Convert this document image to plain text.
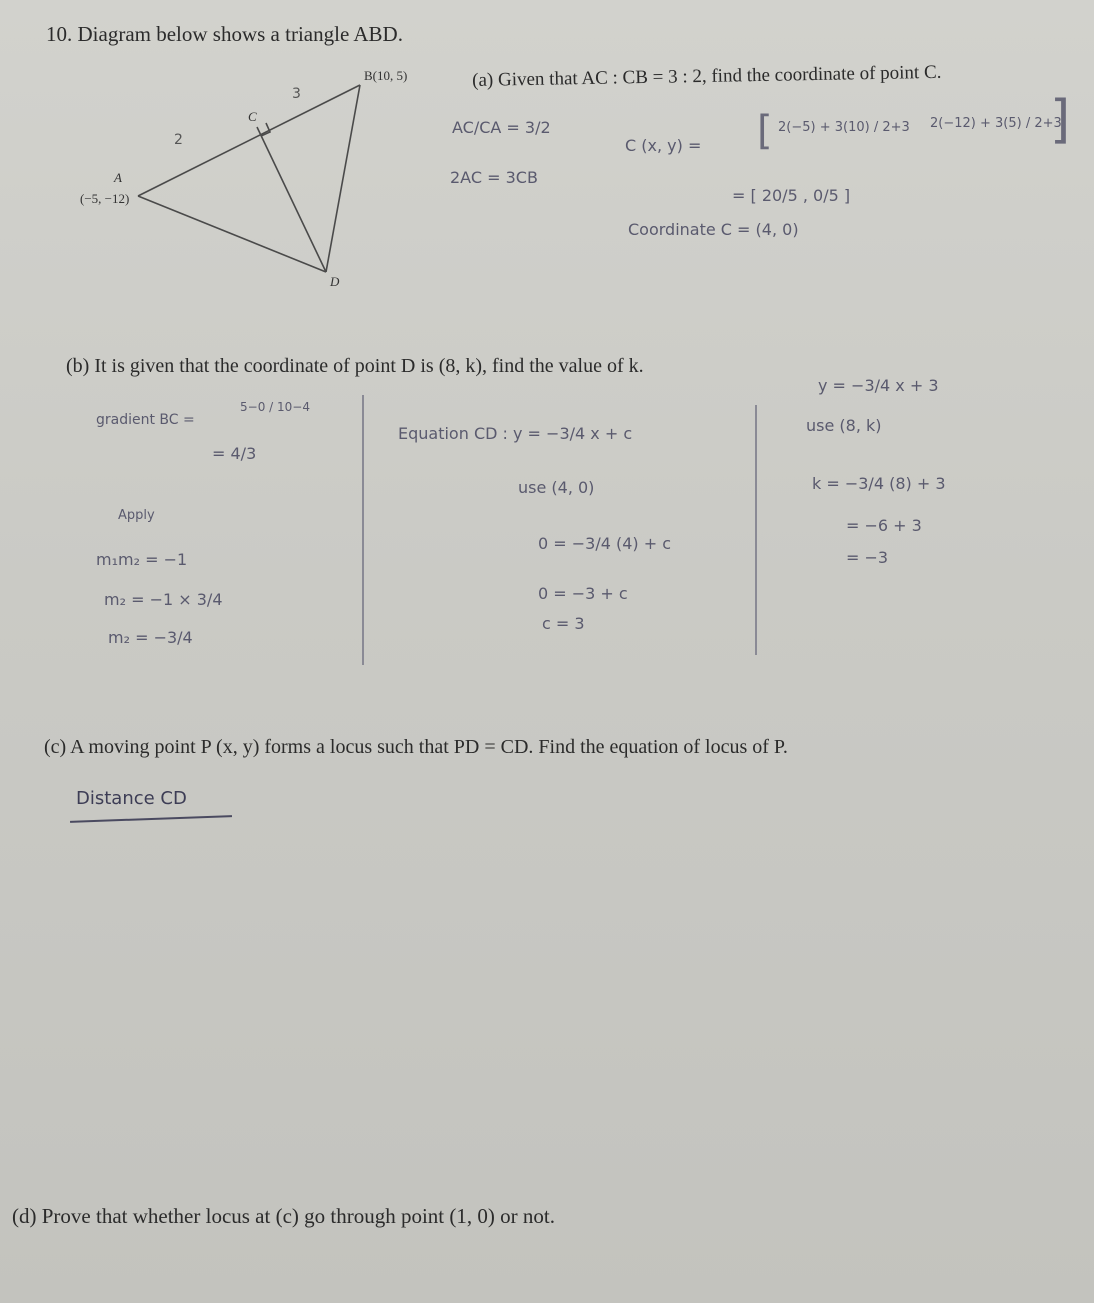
10. Diagram below shows a triangle ABD.
B(10, 5)
A
(−5, −12)
C
D
2
3
(a) Given that AC : CB = 3 : 2, find the coordinate of point C.
AC/CA = 3/2
2AC = 3CB
C (x, y) = [ 2(−5) + 3(10) / 2+3 2(−12) + 3(5) / 2+3
]
= [ 20/5 , 0/5 ]
Coordinate C = (4, 0)
(b) It is given that the coordinate of point D is (8, k), find the value of k.
gradient BC =
5−0 / 10−4
= 4/3
Apply
m₁m₂ = −1
m₂ = −1 × 3/4
m₂ = −3/4
Equation CD : y = −3/4 x + c
use (4, 0)
0 = −3/4 (4) + c
0 = −3 + c
c = 3
y = −3/4 x + 3
use (8, k)
k = −3/4 (8) + 3
= −6 + 3
= −3
(c) A moving point P (x, y) forms a locus such that PD = CD. Find the equation of locus of P.
Distance CD
(d) Prove that whether locus at (c) go through point (1, 0) or not.
